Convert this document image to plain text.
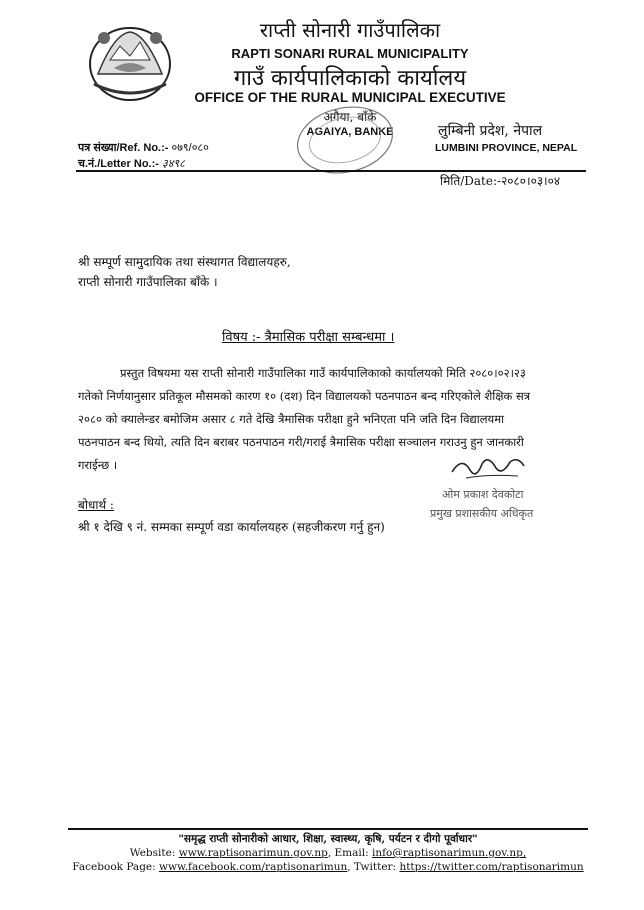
राप्ती सोनारी गाउँपालिका
RAPTI SONARI RURAL MUNICIPALITY
गाउँ कार्यपालिकाको कार्यालय
OFFICE OF THE RURAL MUNICIPAL EXECUTIVE
अगैया, बाँके
AGAIYA, BANKE	लुम्बिनी प्रदेश, नेपाल
LUMBINI PROVINCE, NEPAL
पत्र संख्या/Ref. No.:- ०७९/०८०
च.नं./Letter No.:- ३४९८
मिति/Date:-२०८०।०३।०४
श्री सम्पूर्ण सामुदायिक तथा संस्थागत विद्यालयहरु,
राप्ती सोनारी गाउँपालिका बाँके ।
विषय :- त्रैमासिक परीक्षा सम्बन्धमा ।
प्रस्तुत विषयमा यस राप्ती सोनारी गाउँपालिका गाउँ कार्यपालिकाको कार्यालयको मिति २०८०।०२।२३
गतेको निर्णयानुसार प्रतिकूल मौसमको कारण १० (दश) दिन विद्यालयको पठनपाठन बन्द गरिएकोले शैक्षिक सत्र
२०८० को क्यालेन्डर बमोजिम असार ८ गते देखि त्रैमासिक परीक्षा हुने भनिएता पनि जति दिन विद्यालयमा
पठनपाठन बन्द थियो, त्यति दिन बराबर पठनपाठन गरी/गराई त्रैमासिक परीक्षा सञ्चालन गराउनु हुन जानकारी
गराईन्छ ।
ओम प्रकाश देवकोटा
प्रमुख प्रशासकीय अधिकृत
बोधार्थ :
श्री १ देखि ९ नं. सम्मका सम्पूर्ण वडा कार्यालयहरु (सहजीकरण गर्नु हुन)
"समृद्ध राप्ती सोनारीको आधार, शिक्षा, स्वास्थ्य, कृषि, पर्यटन र दीगो पूर्वाधार"
Website: www.raptisonarimun.gov.np, Email: info@raptisonarimun.gov.np,
Facebook Page: www.facebook.com/raptisonarimun, Twitter: https://twitter.com/raptisonarimun
